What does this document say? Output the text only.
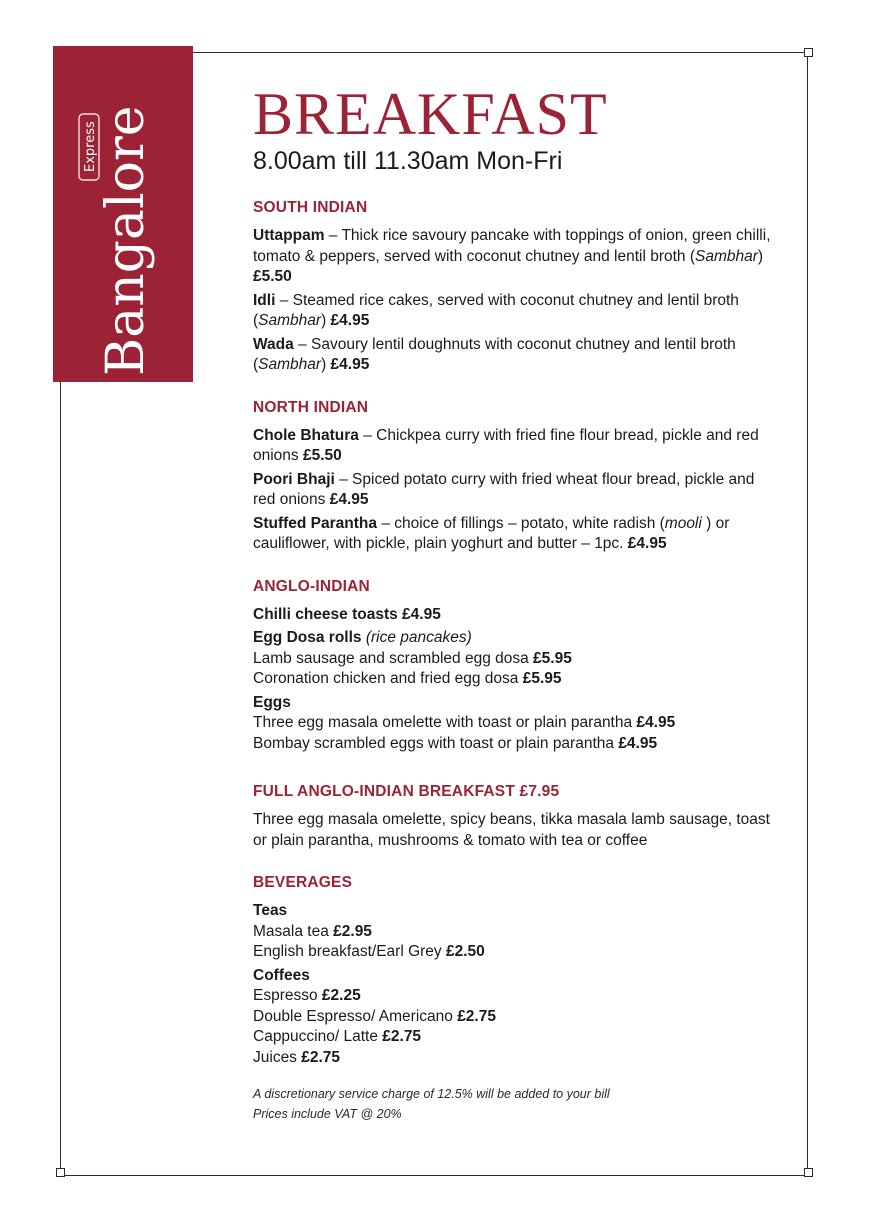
Bangalore
Express	BREAKFAST
8.00am till 11.30am Mon-Fri
SOUTH INDIAN
Uttappam – Thick rice savoury pancake with toppings of onion, green chilli, tomato & peppers, served with coconut chutney and lentil broth (Sambhar) £5.50
Idli – Steamed rice cakes, served with coconut chutney and lentil broth (Sambhar) £4.95
Wada – Savoury lentil doughnuts with coconut chutney and lentil broth (Sambhar) £4.95
NORTH INDIAN
Chole Bhatura – Chickpea curry with fried fine flour bread, pickle and red onions £5.50
Poori Bhaji – Spiced potato curry with fried wheat flour bread, pickle and red onions £4.95
Stuffed Parantha – choice of fillings – potato, white radish (mooli ) or cauliflower, with pickle, plain yoghurt and butter – 1pc. £4.95
ANGLO-INDIAN
Chilli cheese toasts £4.95
Egg Dosa rolls (rice pancakes)
Lamb sausage and scrambled egg dosa £5.95
Coronation chicken and fried egg dosa £5.95
Eggs
Three egg masala omelette with toast or plain parantha £4.95
Bombay scrambled eggs with toast or plain parantha £4.95
FULL ANGLO-INDIAN BREAKFAST £7.95
Three egg masala omelette, spicy beans, tikka masala lamb sausage, toast or plain parantha, mushrooms & tomato with tea or coffee
BEVERAGES
Teas
Masala tea £2.95
English breakfast/Earl Grey £2.50
Coffees
Espresso £2.25
Double Espresso/ Americano £2.75
Cappuccino/ Latte £2.75
Juices £2.75
A discretionary service charge of 12.5% will be added to your bill
Prices include VAT @ 20%
